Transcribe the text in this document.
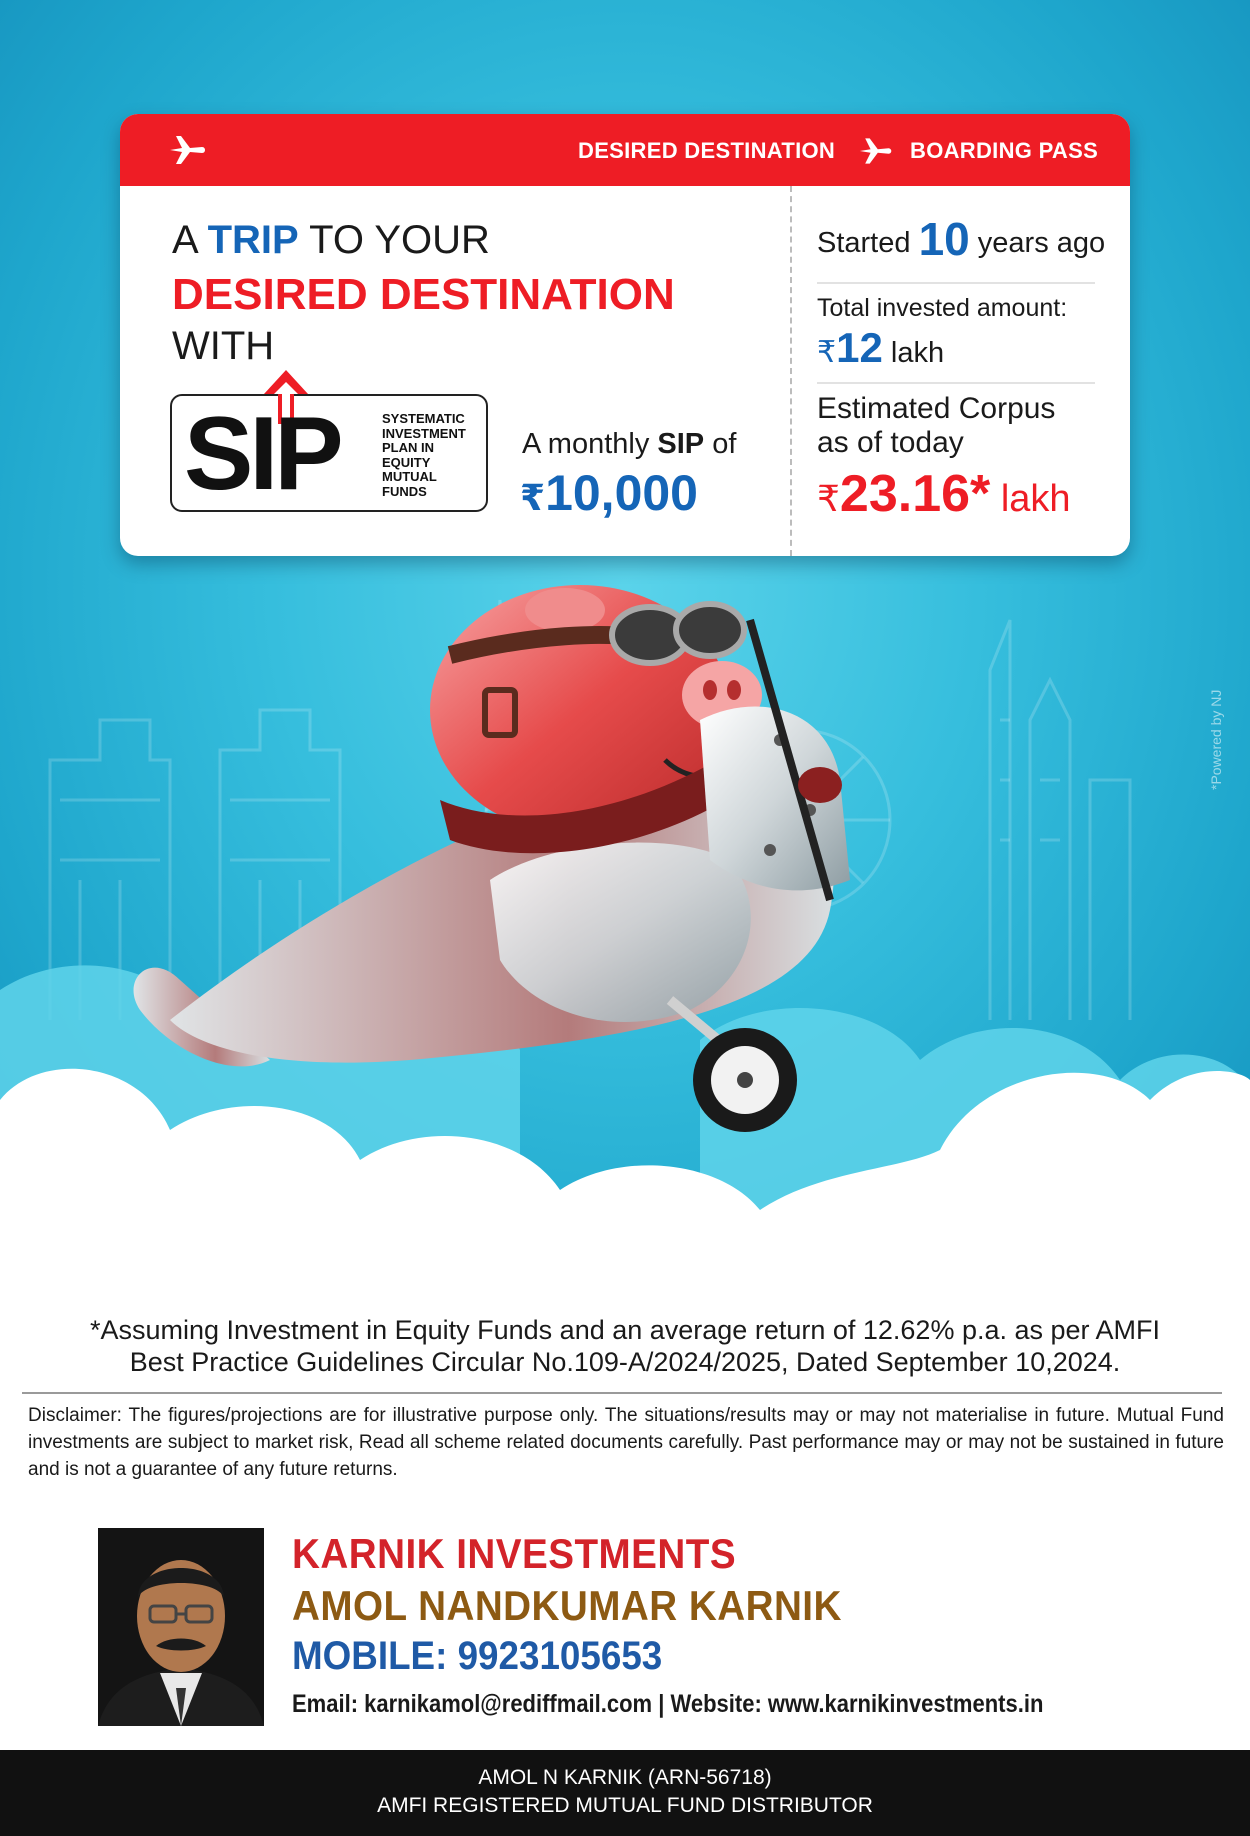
*Powered by NJ
DESIRED DESTINATION	BOARDING PASS
A TRIP TO YOUR
DESIRED DESTINATION
WITH
SIP	SYSTEMATIC
INVESTMENT
PLAN IN
EQUITY
MUTUAL
FUNDS
A monthly SIP of
₹10,000
Started 10 years ago
Total invested amount:
₹12 lakh
Estimated Corpus
as of today
₹23.16* lakh
*Assuming Investment in Equity Funds and an average return of 12.62% p.a. as per AMFI
Best Practice Guidelines Circular No.109-A/2024/2025, Dated September 10,2024.
Disclaimer: The figures/projections are for illustrative purpose only. The situations/results may or may not materialise in future. Mutual Fund investments are subject to market risk, Read all scheme related documents carefully. Past performance may or may not be sustained in future and is not a guarantee of any future returns.
KARNIK INVESTMENTS
AMOL NANDKUMAR KARNIK
MOBILE: 9923105653
Email: karnikamol@rediffmail.com | Website: www.karnikinvestments.in
AMOL N KARNIK (ARN-56718)
AMFI REGISTERED MUTUAL FUND DISTRIBUTOR
